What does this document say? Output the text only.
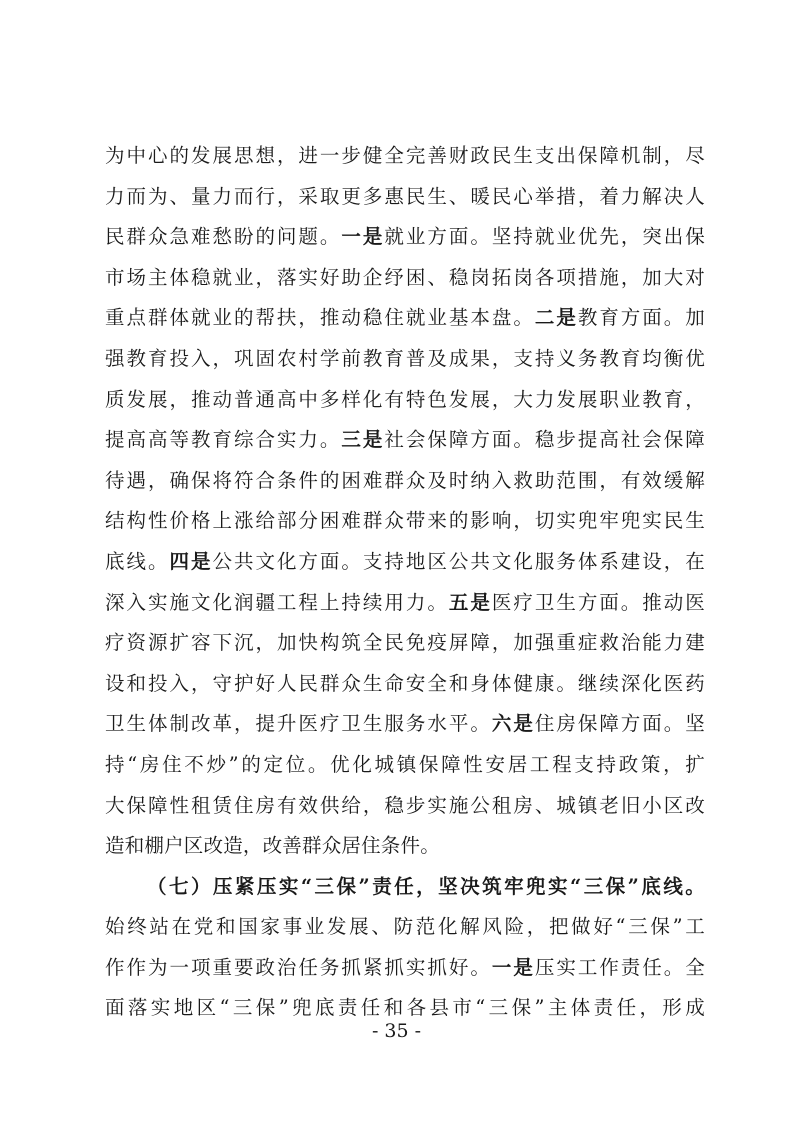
为中心的发展思想，进一步健全完善财政民生支出保障机制，尽
力而为、量力而行，采取更多惠民生、暖民心举措，着力解决人
民群众急难愁盼的问题。一是就业方面。坚持就业优先，突出保
市场主体稳就业，落实好助企纾困、稳岗拓岗各项措施，加大对
重点群体就业的帮扶，推动稳住就业基本盘。二是教育方面。加
强教育投入，巩固农村学前教育普及成果，支持义务教育均衡优
质发展，推动普通高中多样化有特色发展，大力发展职业教育，
提高高等教育综合实力。三是社会保障方面。稳步提高社会保障
待遇，确保将符合条件的困难群众及时纳入救助范围，有效缓解
结构性价格上涨给部分困难群众带来的影响，切实兜牢兜实民生
底线。四是公共文化方面。支持地区公共文化服务体系建设，在
深入实施文化润疆工程上持续用力。五是医疗卫生方面。推动医
疗资源扩容下沉，加快构筑全民免疫屏障，加强重症救治能力建
设和投入，守护好人民群众生命安全和身体健康。继续深化医药
卫生体制改革，提升医疗卫生服务水平。六是住房保障方面。坚
持“房住不炒”的定位。优化城镇保障性安居工程支持政策，扩
大保障性租赁住房有效供给，稳步实施公租房、城镇老旧小区改
造和棚户区改造，改善群众居住条件。
（七）压紧压实“三保”责任，坚决筑牢兜实“三保”底线。
始终站在党和国家事业发展、防范化解风险，把做好“三保”工
作作为一项重要政治任务抓紧抓实抓好。一是压实工作责任。全
面落实地区“三保”兜底责任和各县市“三保”主体责任，形成
- 35 -
